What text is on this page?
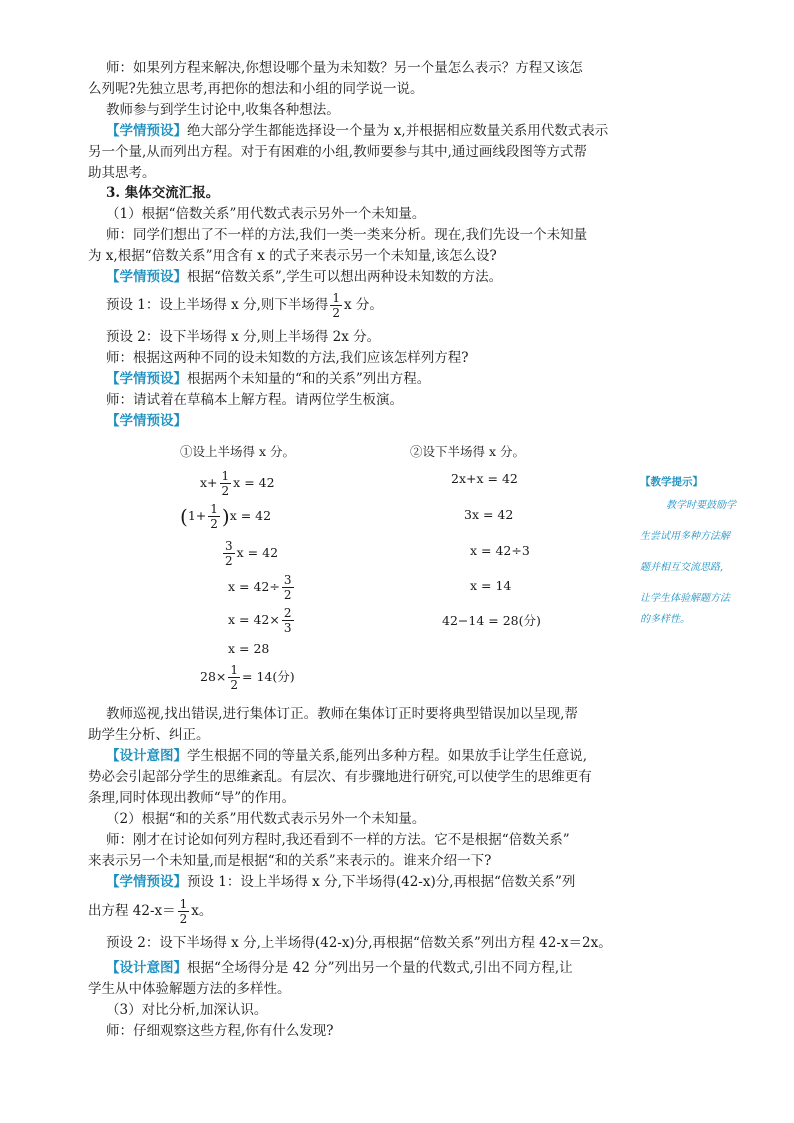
师：如果列方程来解决,你想设哪个量为未知数？另一个量怎么表示？方程又该怎
么列呢?先独立思考,再把你的想法和小组的同学说一说。
教师参与到学生讨论中,收集各种想法。
【学情预设】绝大部分学生都能选择设一个量为 x,并根据相应数量关系用代数式表示
另一个量,从而列出方程。对于有困难的小组,教师要参与其中,通过画线段图等方式帮
助其思考。
3. 集体交流汇报。
（1）根据“倍数关系”用代数式表示另外一个未知量。
师：同学们想出了不一样的方法,我们一类一类来分析。现在,我们先设一个未知量
为 x,根据“倍数关系”用含有 x 的式子来表示另一个未知量,该怎么设?
【学情预设】根据“倍数关系”,学生可以想出两种设未知数的方法。
预设 1：设上半场得 x 分,则下半场得 $\frac{1}{2}$ x 分。
预设 2：设下半场得 x 分,则上半场得 2x 分。
师：根据这两种不同的设未知数的方法,我们应该怎样列方程?
【学情预设】根据两个未知量的“和的关系”列出方程。
师：请试着在草稿本上解方程。请两位学生板演。
【学情预设】
①设上半场得 x 分。
$x+ \frac{1}{2}$ x = 42
$(1+ \frac{1}{2} )x = 42$
$\frac{3}{2}$ x = 42
$x = 42\div \frac{3}{2}$
$x = 42\times \frac{2}{3}$
x = 28
$28\times \frac{1}{2} = 14$(分)
②设下半场得 x 分。
2x+x = 42
3x = 42
x = 42÷3
x = 14
42−14 = 28(分)
【教学提示】
教学时要鼓励学
生尝试用多种方法解
题并相互交流思路,
让学生体验解题方法
的多样性。
教师巡视,找出错误,进行集体订正。教师在集体订正时要将典型错误加以呈现,帮
助学生分析、纠正。
【设计意图】学生根据不同的等量关系,能列出多种方程。如果放手让学生任意说,
势必会引起部分学生的思维紊乱。有层次、有步骤地进行研究,可以使学生的思维更有
条理,同时体现出教师“导”的作用。
（2）根据“和的关系”用代数式表示另外一个未知量。
师：刚才在讨论如何列方程时,我还看到不一样的方法。它不是根据“倍数关系”
来表示另一个未知量,而是根据“和的关系”来表示的。谁来介绍一下?
【学情预设】预设 1：设上半场得 x 分,下半场得(42-x)分,再根据“倍数关系”列
出方程 $42-x= \frac{1}{2}$ x。
预设 2：设下半场得 x 分,上半场得(42-x)分,再根据“倍数关系”列出方程 42-x＝2x。
【设计意图】根据“全场得分是 42 分”列出另一个量的代数式,引出不同方程,让
学生从中体验解题方法的多样性。
（3）对比分析,加深认识。
师：仔细观察这些方程,你有什么发现?
